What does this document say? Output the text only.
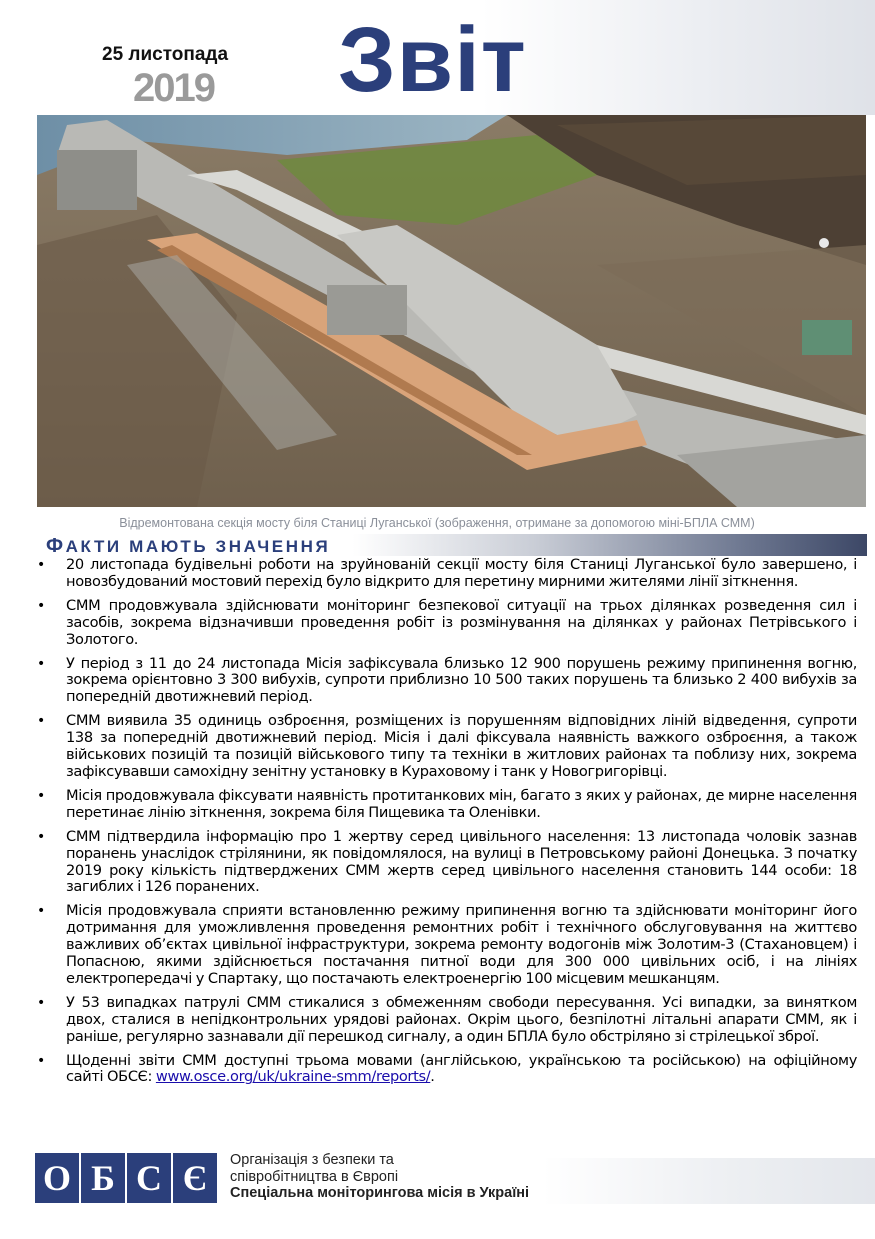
25 листопада
2019 Звіт
Відремонтована секція мосту біля Станиці Луганської (зображення, отримане за допомогою міні-БПЛА СММ)
ФАКТИ МАЮТЬ ЗНАЧЕННЯ
• 20 листопада будівельні роботи на зруйнованій секції мосту біля Станиці Луганської було завершено, і новозбудований мостовий перехід було відкрито для перетину мирними жителями лінії зіткнення.
• СММ продовжувала здійснювати моніторинг безпекової ситуації на трьох ділянках розведення сил і засобів, зокрема відзначивши проведення робіт із розмінування на ділянках у районах Петрівського і Золотого.
• У період з 11 до 24 листопада Місія зафіксувала близько 12 900 порушень режиму припинення вогню, зокрема орієнтовно 3 300 вибухів, супроти приблизно 10 500 таких порушень та близько 2 400 вибухів за попередній двотижневий період.
• СММ виявила 35 одиниць озброєння, розміщених із порушенням відповідних ліній відведення, супроти 138 за попередній двотижневий період. Місія і далі фіксувала наявність важкого озброєння, а також військових позицій та позицій військового типу та техніки в житлових районах та поблизу них, зокрема зафіксувавши самохідну зенітну установку в Кураховому і танк у Новогригорівці.
• Місія продовжувала фіксувати наявність протитанкових мін, багато з яких у районах, де мирне населення перетинає лінію зіткнення, зокрема біля Пищевика та Оленівки.
• СММ підтвердила інформацію про 1 жертву серед цивільного населення: 13 листопада чоловік зазнав поранень унаслідок стрілянини, як повідомлялося, на вулиці в Петровському районі Донецька. З початку 2019 року кількість підтверджених СММ жертв серед цивільного населення становить 144 особи: 18 загиблих і 126 поранених.
• Місія продовжувала сприяти встановленню режиму припинення вогню та здійснювати моніторинг його дотримання для уможливлення проведення ремонтних робіт і технічного обслуговування на життєво важливих об’єктах цивільної інфраструктури, зокрема ремонту водогонів між Золотим-3 (Стахановцем) і Попасною, якими здійснюється постачання питної води для 300 000 цивільних осіб, і на лініях електропередачі у Спартаку, що постачають електроенергію 100 місцевим мешканцям.
• У 53 випадках патрулі СММ стикалися з обмеженням свободи пересування. Усі випадки, за винятком двох, сталися в непідконтрольних урядові районах. Окрім цього, безпілотні літальні апарати СММ, як і раніше, регулярно зазнавали дії перешкод сигналу, а один БПЛА було обстріляно зі стрілецької зброї.
• Щоденні звіти СММ доступні трьома мовами (англійською, українською та російською) на офіційному сайті ОБСЄ: www.osce.org/uk/ukraine-smm/reports/.
О Б С Є	Організація з безпеки та
співробітництва в Європі
Спеціальна моніторингова місія в Україні
